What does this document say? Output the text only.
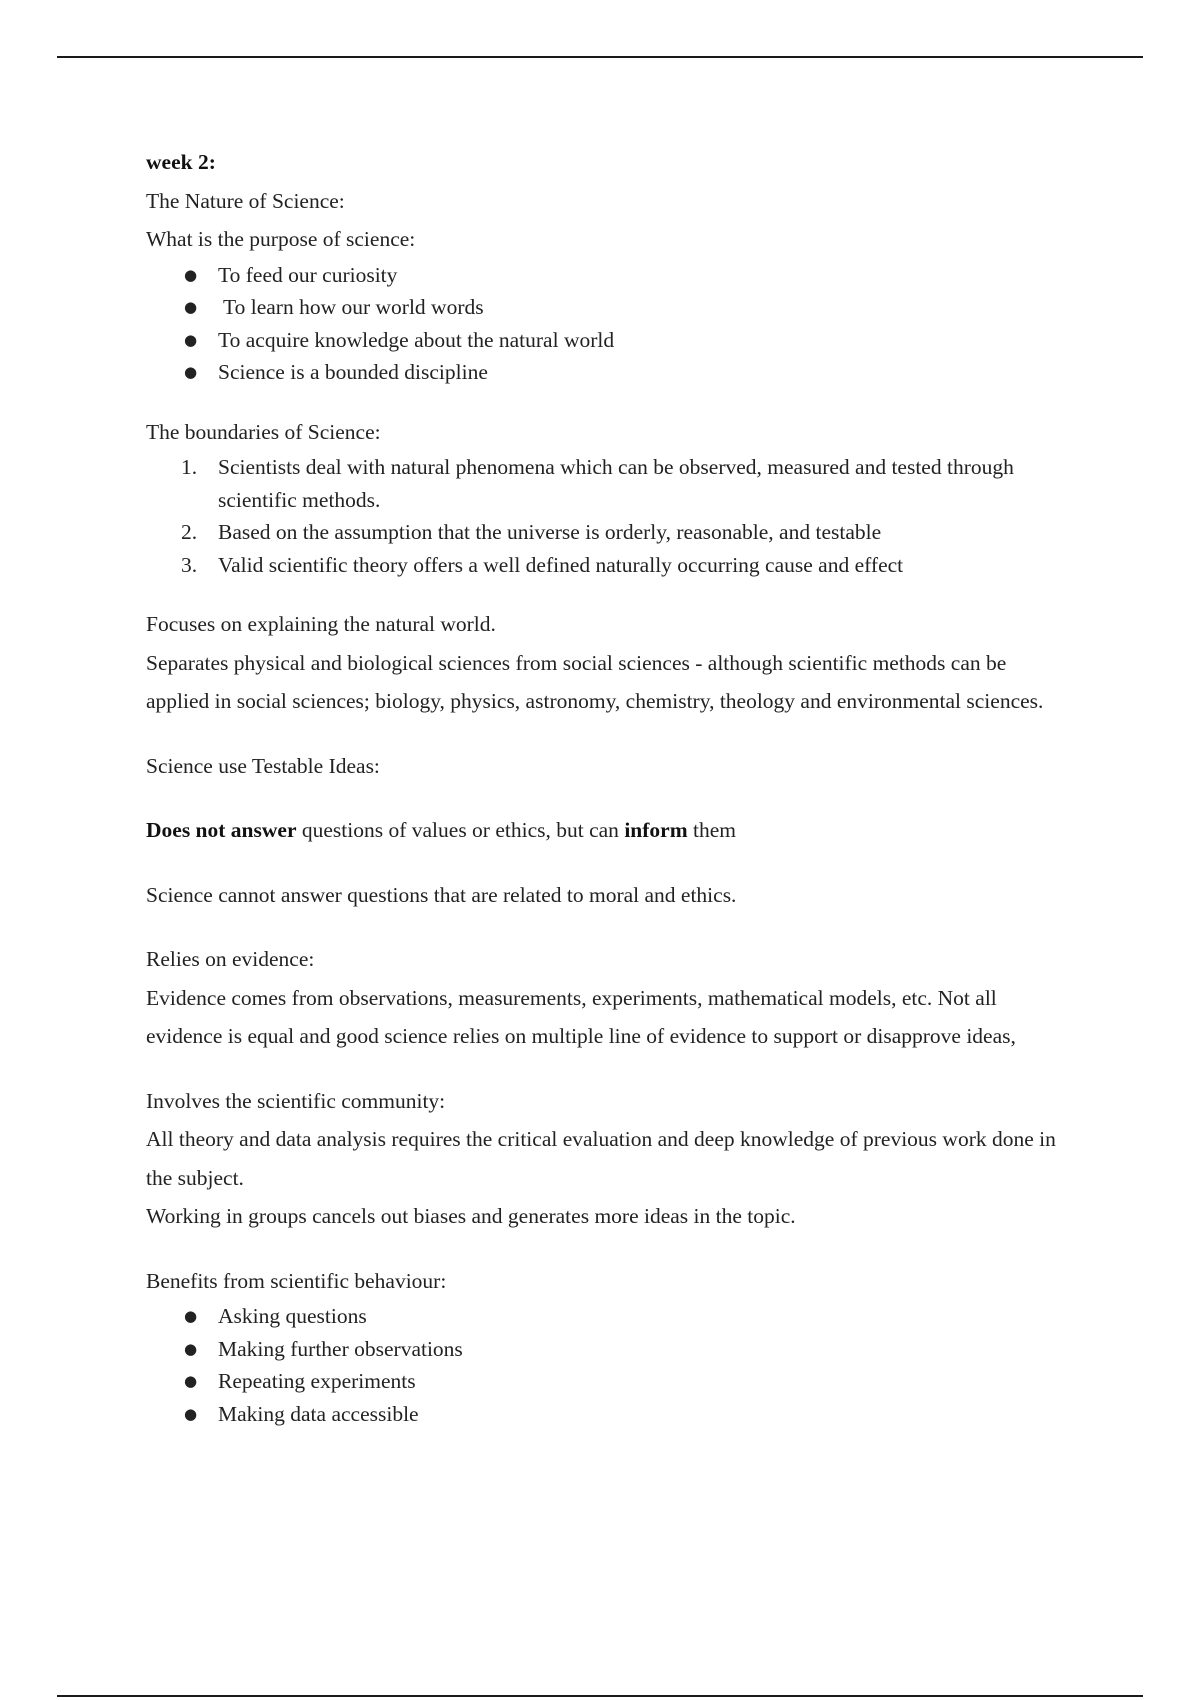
week 2:

The Nature of Science:

What is the purpose of science:

● To feed our curiosity
● To learn how our world words
● To acquire knowledge about the natural world
● Science is a bounded discipline

The boundaries of Science:

1. Scientists deal with natural phenomena which can be observed, measured and tested through scientific methods.
2. Based on the assumption that the universe is orderly, reasonable, and testable
3. Valid scientific theory offers a well defined naturally occurring cause and effect

Focuses on explaining the natural world.

Separates physical and biological sciences from social sciences - although scientific methods can be applied in social sciences; biology, physics, astronomy, chemistry, theology and environmental sciences.

Science use Testable Ideas:

Does not answer questions of values or ethics, but can inform them

Science cannot answer questions that are related to moral and ethics.

Relies on evidence:

Evidence comes from observations, measurements, experiments, mathematical models, etc. Not all evidence is equal and good science relies on multiple line of evidence to support or disapprove ideas,

Involves the scientific community:

All theory and data analysis requires the critical evaluation and deep knowledge of previous work done in the subject.

Working in groups cancels out biases and generates more ideas in the topic.

Benefits from scientific behaviour:

● Asking questions
● Making further observations
● Repeating experiments
● Making data accessible
